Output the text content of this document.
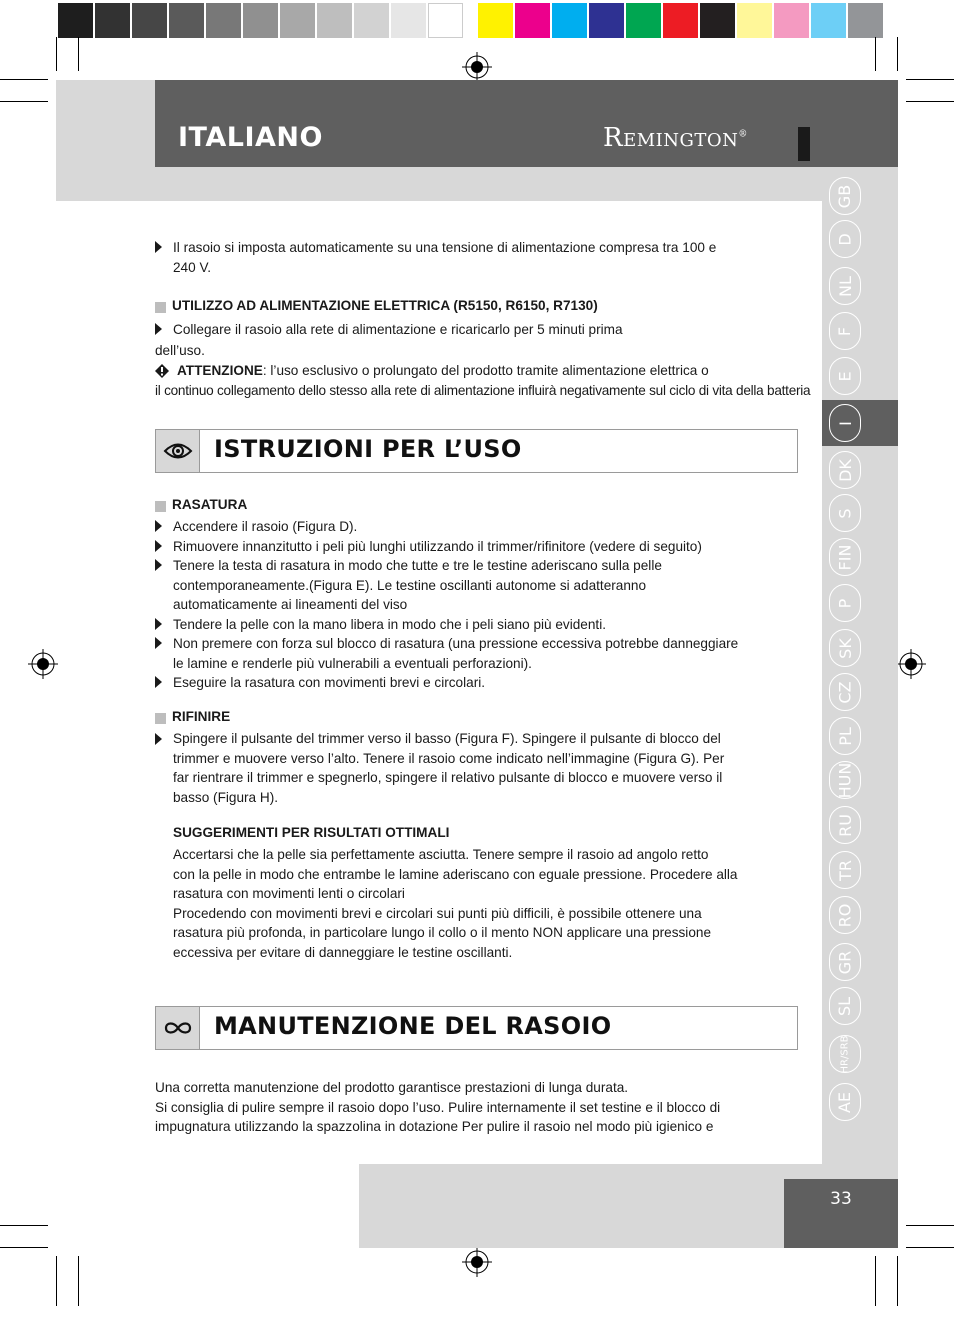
ITALIANO	Remington®
GB
D
NL
F
E
I
DK
S
FIN
P
SK
CZ
PL
HUN
RU
TR
RO
GR
SL
HR/SRB
AE
Il rasoio si imposta automaticamente su una tensione di alimentazione compresa tra 100 e
240 V.
UTILIZZO AD ALIMENTAZIONE ELETTRICA (R5150, R6150, R7130)
Collegare il rasoio alla rete di alimentazione e ricaricarlo per 5 minuti prima
dell’uso.
ATTENZIONE: l’uso esclusivo o prolungato del prodotto tramite alimentazione elettrica o
il continuo collegamento dello stesso alla rete di alimentazione influirà negativamente sul ciclo di vita della batteria
ISTRUZIONI PER L’USO
RASATURA
Accendere il rasoio (Figura D).
Rimuovere innanzitutto i peli più lunghi utilizzando il trimmer/rifinitore (vedere di seguito)
Tenere la testa di rasatura in modo che tutte e tre le testine aderiscano sulla pelle
contemporaneamente.(Figura E). Le testine oscillanti autonome si adatteranno
automaticamente ai lineamenti del viso
Tendere la pelle con la mano libera in modo che i peli siano più evidenti.
Non premere con forza sul blocco di rasatura (una pressione eccessiva potrebbe danneggiare
le lamine e renderle più vulnerabili a eventuali perforazioni).
Eseguire la rasatura con movimenti brevi e circolari.
RIFINIRE
Spingere il pulsante del trimmer verso il basso (Figura F). Spingere il pulsante di blocco del
trimmer e muovere verso l’alto. Tenere il rasoio come indicato nell’immagine (Figura G). Per
far rientrare il trimmer e spegnerlo, spingere il relativo pulsante di blocco e muovere verso il
basso (Figura H).
SUGGERIMENTI PER RISULTATI OTTIMALI
Accertarsi che la pelle sia perfettamente asciutta. Tenere sempre il rasoio ad angolo retto
con la pelle in modo che entrambe le lamine aderiscano con eguale pressione. Procedere alla
rasatura con movimenti lenti o circolari
Procedendo con movimenti brevi e circolari sui punti più difficili, è possibile ottenere una
rasatura più profonda, in particolare lungo il collo o il mento NON applicare una pressione
eccessiva per evitare di danneggiare le testine oscillanti.
MANUTENZIONE DEL RASOIO
Una corretta manutenzione del prodotto garantisce prestazioni di lunga durata.
Si consiglia di pulire sempre il rasoio dopo l’uso. Pulire internamente il set testine e il blocco di
impugnatura utilizzando la spazzolina in dotazione Per pulire il rasoio nel modo più igienico e
33
